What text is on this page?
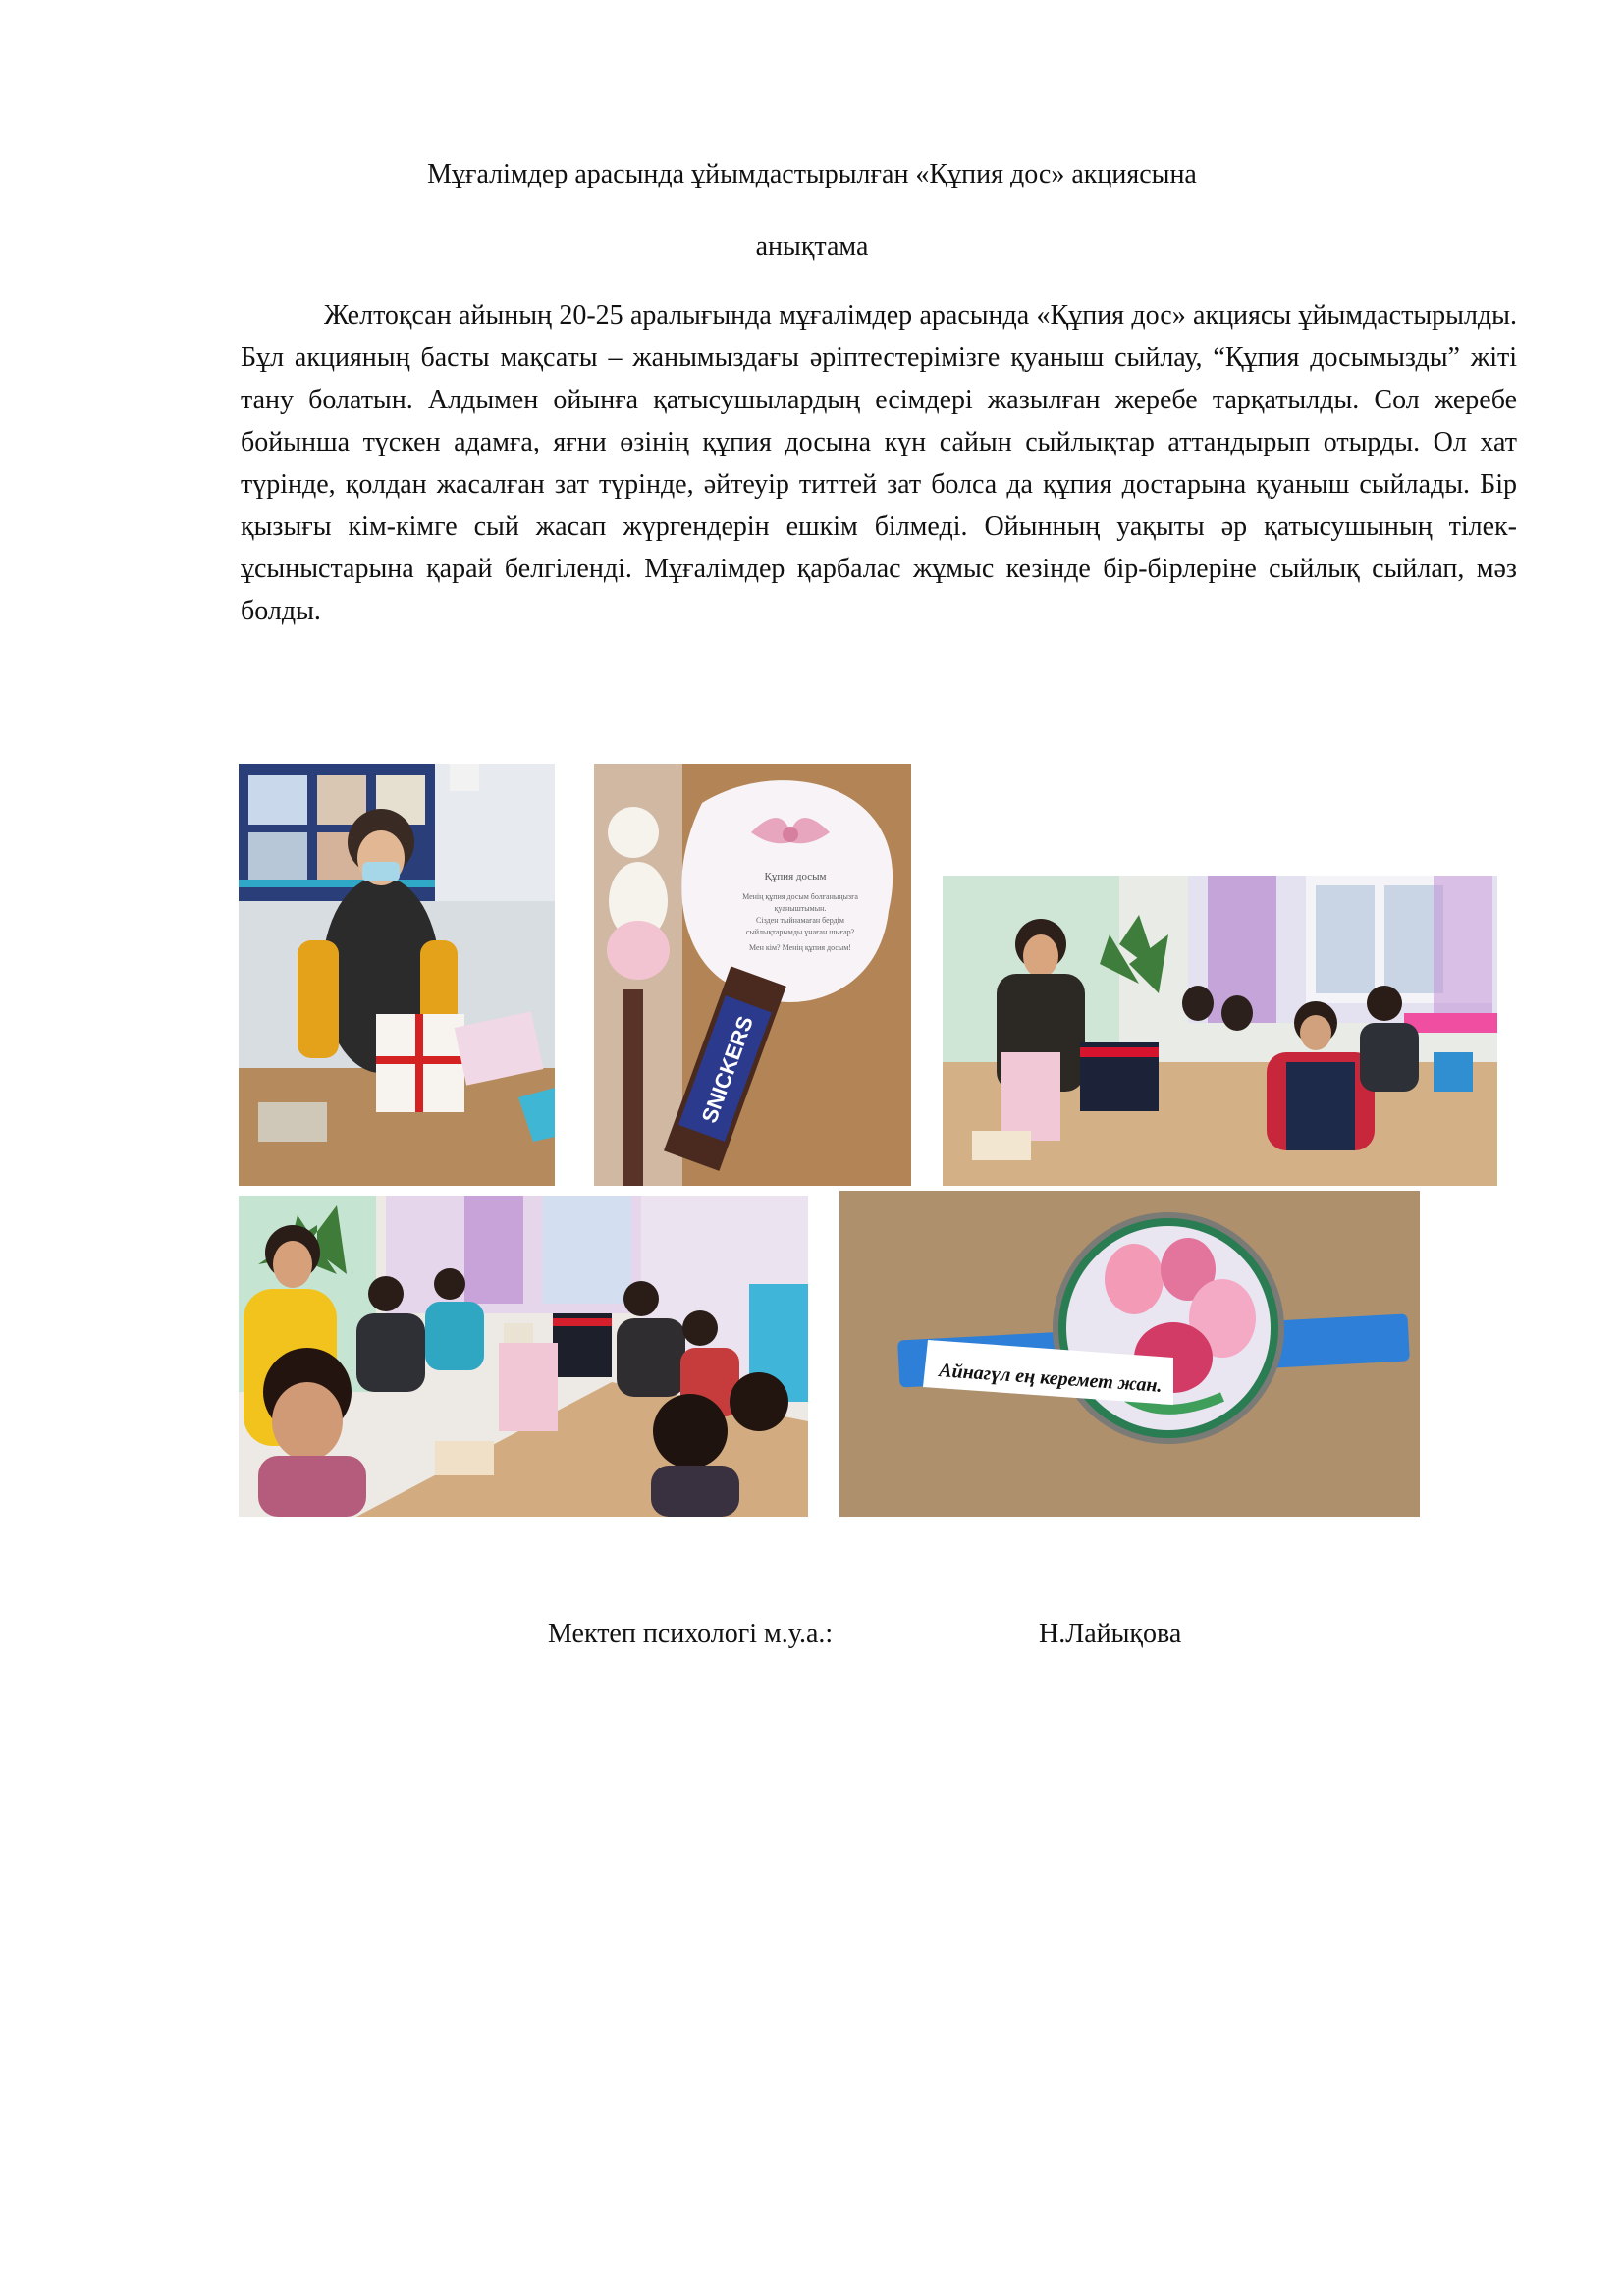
Мұғалімдер арасында ұйымдастырылған «Құпия дос» акциясына
анықтама

Желтоқсан айының 20-25 аралығында мұғалімдер арасында «Құпия дос» акциясы ұйымдастырылды. Бұл акцияның басты мақсаты – жанымыздағы әріптестерімізге қуаныш сыйлау, “Құпия досымызды” жіті тану болатын. Алдымен ойынға қатысушылардың есімдері жазылған жеребе тарқатылды. Сол жеребе бойынша түскен адамға, яғни өзінің құпия досына күн сайын сыйлықтар аттандырып отырды. Ол хат түрінде, қолдан жасалған зат түрінде, әйтеуір титтей зат болса да құпия достарына қуаныш сыйлады. Бір қызығы кім-кімге сый жасап жүргендерін ешкім білмеді. Ойынның уақыты әр қатысушының тілек-ұсыныстарына қарай белгіленді. Мұғалімдер қарбалас жұмыс кезінде бір-бірлеріне сыйлық сыйлап, мәз болды.

Құпия досым
Менің құпия досым болғаныңызға
қуаныштымын.
Сізден тыйнамаған бердім
сыйлықтарымды ұнаған шығар?
Мен кім? Менің құпия досым!
SNICKERS
Айнагүл ең керемет жан.
Мектеп психологі м.у.а.:	Н.Лайықова
